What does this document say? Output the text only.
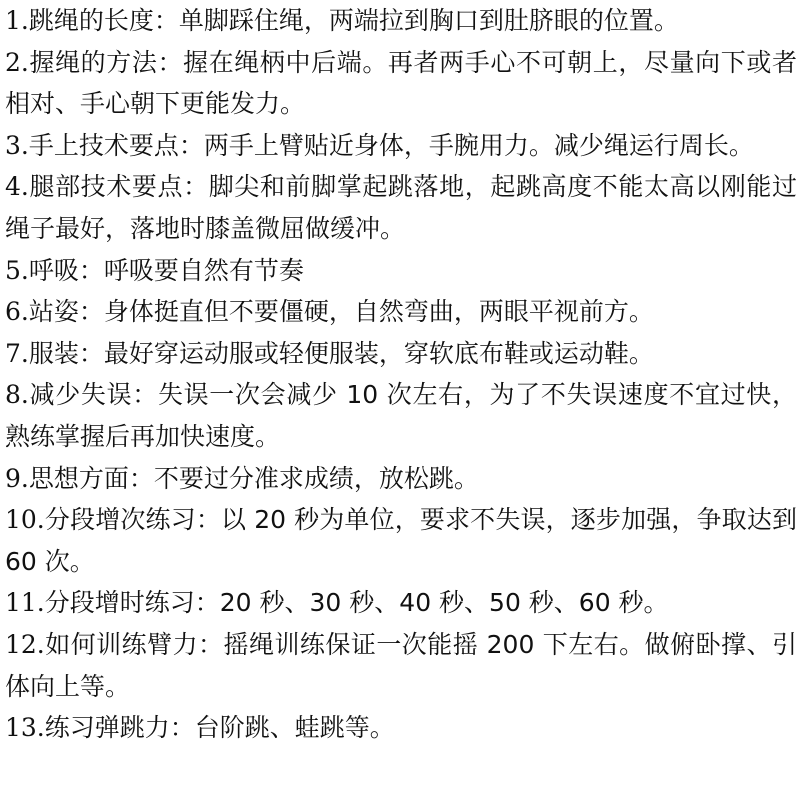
1.跳绳的长度：单脚踩住绳，两端拉到胸口到肚脐眼的位置。
2.握绳的方法：握在绳柄中后端。再者两手心不可朝上，尽量向下或者相对、手心朝下更能发力。
3.手上技术要点：两手上臂贴近身体，手腕用力。减少绳运行周长。
4.腿部技术要点：脚尖和前脚掌起跳落地，起跳高度不能太高以刚能过绳子最好，落地时膝盖微屈做缓冲。
5.呼吸：呼吸要自然有节奏
6.站姿：身体挺直但不要僵硬，自然弯曲，两眼平视前方。
7.服装：最好穿运动服或轻便服装，穿软底布鞋或运动鞋。
8.减少失误：失误一次会减少 10 次左右，为了不失误速度不宜过快，熟练掌握后再加快速度。
9.思想方面：不要过分准求成绩，放松跳。
10.分段增次练习：以 20 秒为单位，要求不失误，逐步加强，争取达到 60 次。
11.分段增时练习：20 秒、30 秒、40 秒、50 秒、60 秒。
12.如何训练臂力：摇绳训练保证一次能摇 200 下左右。做俯卧撑、引体向上等。
13.练习弹跳力：台阶跳、蛙跳等。
